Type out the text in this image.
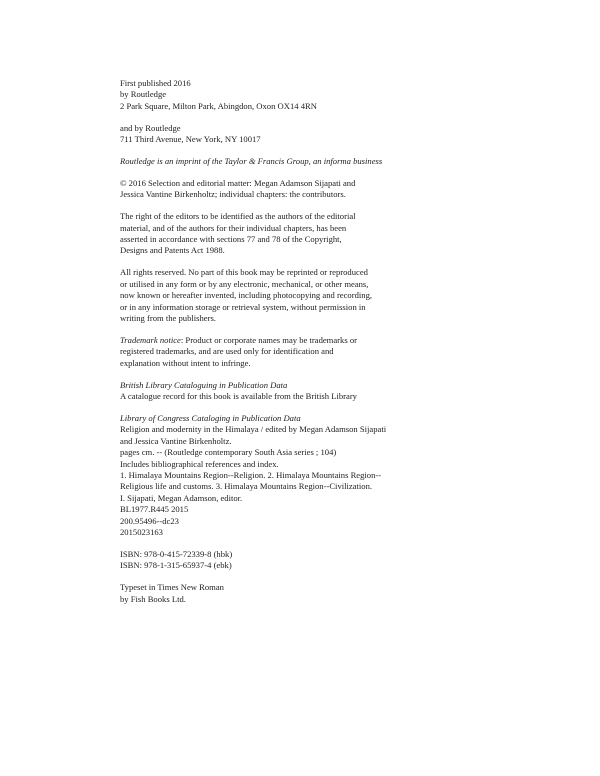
First published 2016
by Routledge
2 Park Square, Milton Park, Abingdon, Oxon OX14 4RN
and by Routledge
711 Third Avenue, New York, NY 10017
Routledge is an imprint of the Taylor & Francis Group, an informa business
© 2016 Selection and editorial matter: Megan Adamson Sijapati and
Jessica Vantine Birkenholtz; individual chapters: the contributors.
The right of the editors to be identified as the authors of the editorial
material, and of the authors for their individual chapters, has been
asserted in accordance with sections 77 and 78 of the Copyright,
Designs and Patents Act 1988.
All rights reserved. No part of this book may be reprinted or reproduced
or utilised in any form or by any electronic, mechanical, or other means,
now known or hereafter invented, including photocopying and recording,
or in any information storage or retrieval system, without permission in
writing from the publishers.
Trademark notice: Product or corporate names may be trademarks or
registered trademarks, and are used only for identification and
explanation without intent to infringe.
British Library Cataloguing in Publication Data
A catalogue record for this book is available from the British Library
Library of Congress Cataloging in Publication Data
Religion and modernity in the Himalaya / edited by Megan Adamson Sijapati
and Jessica Vantine Birkenholtz.
pages cm. -- (Routledge contemporary South Asia series ; 104)
Includes bibliographical references and index.
1. Himalaya Mountains Region--Religion. 2. Himalaya Mountains Region--
Religious life and customs. 3. Himalaya Mountains Region--Civilization.
I. Sijapati, Megan Adamson, editor.
BL1977.R445 2015
200.95496--dc23
2015023163
ISBN: 978-0-415-72339-8 (hbk)
ISBN: 978-1-315-65937-4 (ebk)
Typeset in Times New Roman
by Fish Books Ltd.
